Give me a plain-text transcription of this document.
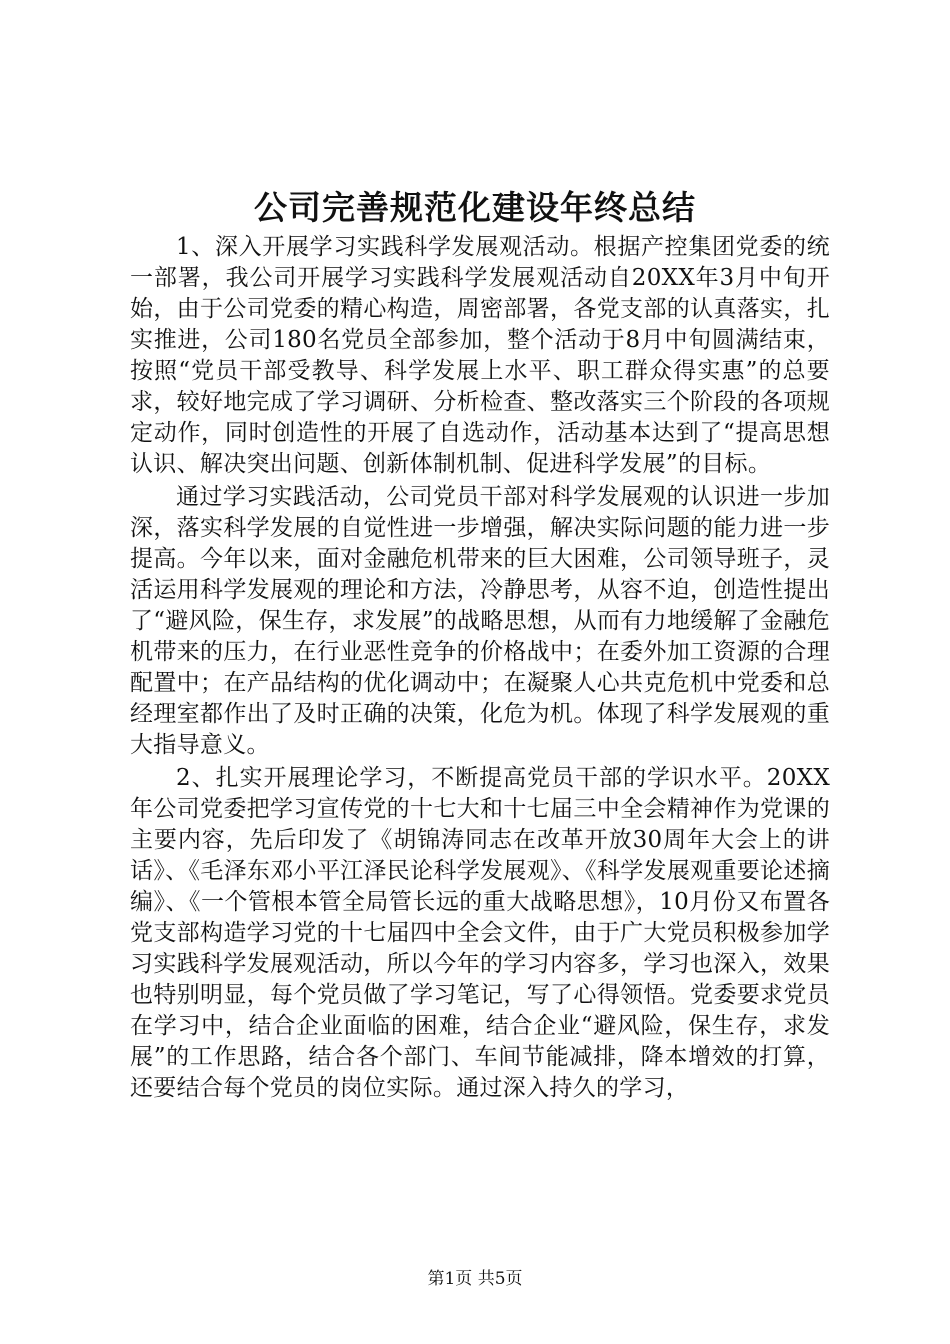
公司完善规范化建设年终总结

1、深入开展学习实践科学发展观活动。根据产控集团党委的统一部署，我公司开展学习实践科学发展观活动自20XX年3月中旬开始，由于公司党委的精心构造，周密部署，各党支部的认真落实，扎实推进，公司180名党员全部参加，整个活动于8月中旬圆满结束，按照“党员干部受教导、科学发展上水平、职工群众得实惠”的总要求，较好地完成了学习调研、分析检查、整改落实三个阶段的各项规定动作，同时创造性的开展了自选动作，活动基本达到了“提高思想认识、解决突出问题、创新体制机制、促进科学发展”的目标。

通过学习实践活动，公司党员干部对科学发展观的认识进一步加深，落实科学发展的自觉性进一步增强，解决实际问题的能力进一步提高。今年以来，面对金融危机带来的巨大困难，公司领导班子，灵活运用科学发展观的理论和方法，冷静思考，从容不迫，创造性提出了“避风险，保生存，求发展”的战略思想，从而有力地缓解了金融危机带来的压力，在行业恶性竞争的价格战中；在委外加工资源的合理配置中；在产品结构的优化调动中；在凝聚人心共克危机中党委和总经理室都作出了及时正确的决策，化危为机。体现了科学发展观的重大指导意义。

2、扎实开展理论学习，不断提高党员干部的学识水平。20XX年公司党委把学习宣传党的十七大和十七届三中全会精神作为党课的主要内容，先后印发了《胡锦涛同志在改革开放30周年大会上的讲话》、《毛泽东邓小平江泽民论科学发展观》、《科学发展观重要论述摘编》、《一个管根本管全局管长远的重大战略思想》，10月份又布置各党支部构造学习党的十七届四中全会文件，由于广大党员积极参加学习实践科学发展观活动，所以今年的学习内容多，学习也深入，效果也特别明显，每个党员做了学习笔记，写了心得领悟。党委要求党员在学习中，结合企业面临的困难，结合企业“避风险，保生存，求发展”的工作思路，结合各个部门、车间节能减排，降本增效的打算，还要结合每个党员的岗位实际。通过深入持久的学习，

第1页 共5页
